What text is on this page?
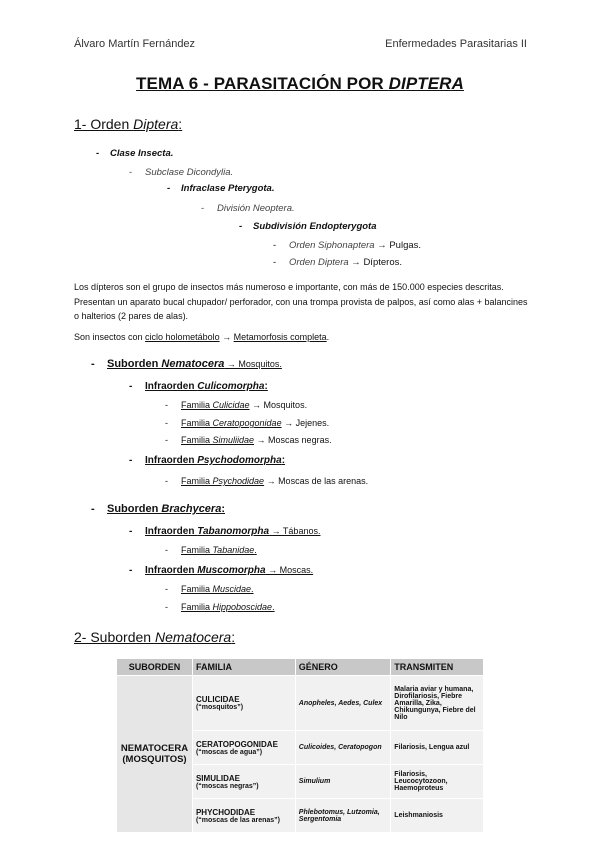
Álvaro Martín Fernández	Enfermedades Parasitarias II
TEMA 6 - PARASITACIÓN POR DIPTERA
1- Orden Diptera:
- Clase Insecta.
- Subclase Dicondylia.
- Infraclase Pterygota.
- División Neoptera.
- Subdivisión Endopterygota
- Orden Siphonaptera → Pulgas.
- Orden Diptera → Dípteros.
Los dípteros son el grupo de insectos más numeroso e importante, con más de 150.000 especies descritas. Presentan un aparato bucal chupador/ perforador, con una trompa provista de palpos, así como alas + balancines o halterios (2 pares de alas).
Son insectos con ciclo holometábolo → Metamorfosis completa.
- Suborden Nematocera → Mosquitos.
- Infraorden Culicomorpha:
- Familia Culicidae → Mosquitos.
- Familia Ceratopogonidae → Jejenes.
- Familia Simuliidae → Moscas negras.
- Infraorden Psychodomorpha:
- Familia Psychodidae → Moscas de las arenas.
- Suborden Brachycera:
- Infraorden Tabanomorpha → Tábanos.
- Familia Tabanidae.
- Infraorden Muscomorpha → Moscas.
- Familia Muscidae.
- Familia Hippoboscidae.
2- Suborden Nematocera:
SUBORDEN	FAMILIA	GÉNERO	TRANSMITEN
NEMATOCERA (MOSQUITOS)	CULICIDAE
(“mosquitos”)	Anopheles, Aedes, Culex	Malaria aviar y humana, Dirofilariosis, Fiebre Amarilla, Zika, Chikungunya, Fiebre del Nilo

	CERATOPOGONIDAE
(“moscas de agua”)	Culicoides, Ceratopogon	Filariosis, Lengua azul

	SIMULIDAE
(“moscas negras”)	Simulium	Filariosis, Leucocytozoon, Haemoproteus

	PHYCHODIDAE
(“moscas de las arenas”)	Phlebotomus, Lutzomia, Sergentomia	Leishmaniosis
